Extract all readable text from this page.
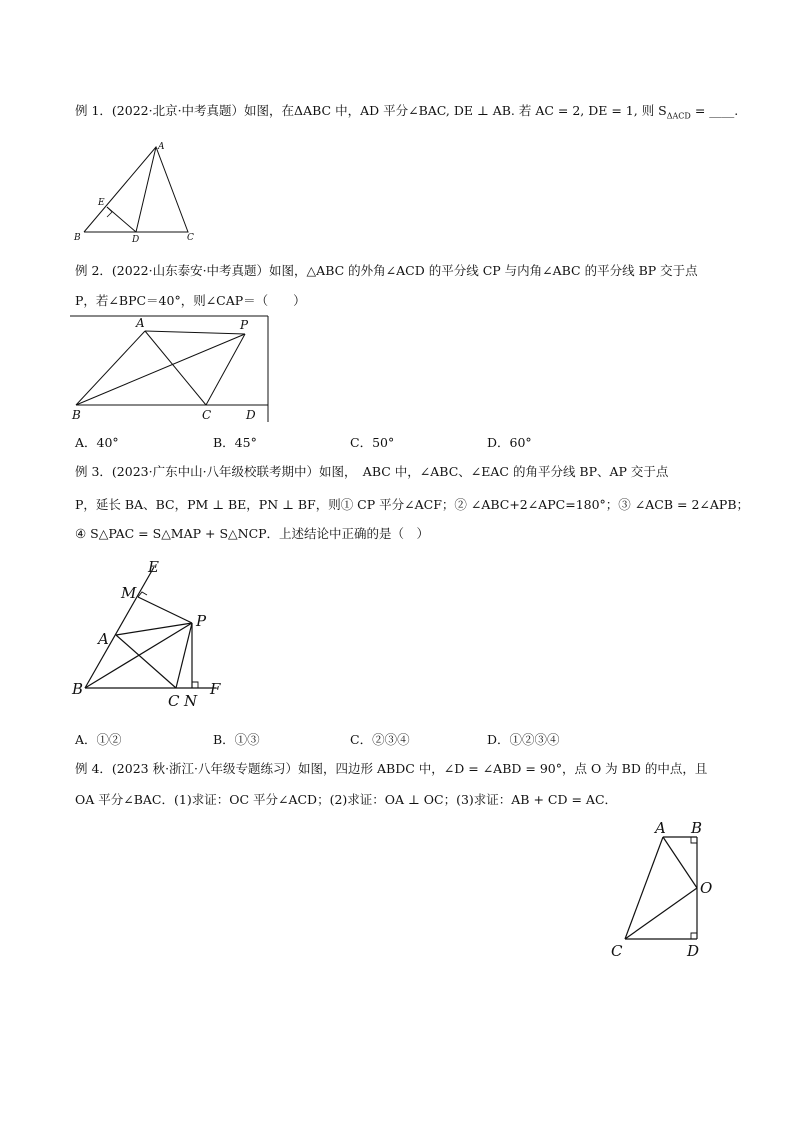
例 1．(2022·北京·中考真题）如图，在ΔABC 中，AD 平分∠BAC, DE ⊥ AB. 若 AC = 2, DE = 1, 则 $S_{\Delta ACD}$ = ____.
A
B	C
D
E
例 2．(2022·山东泰安·中考真题）如图，△ABC 的外角∠ACD 的平分线 CP 与内角∠ABC 的平分线 BP 交于点
P，若∠BPC＝40°，则∠CAP＝（　　）
A	P
B	C	D
A．40°	B．45°	C．50°	D．60°
例 3．(2023·广东中山·八年级校联考期中）如图，　ABC 中，∠ABC、∠EAC 的角平分线 BP、AP 交于点
P，延长 BA、BC，PM ⊥ BE，PN ⊥ BF，则① CP 平分∠ACF；② ∠ABC+2∠APC=180°；③ ∠ACB = 2∠APB；
④ S△PAC = S△MAP + S△NCP．上述结论中正确的是（　）
E
M
P
A
B
C N
F
A．①②	B．①③	C．②③④	D．①②③④
例 4．(2023 秋·浙江·八年级专题练习）如图，四边形 ABDC 中，∠D = ∠ABD = 90°，点 O 为 BD 的中点，且
OA 平分∠BAC．(1)求证：OC 平分∠ACD；(2)求证：OA ⊥ OC；(3)求证：AB + CD = AC．
A B
O
C	D
